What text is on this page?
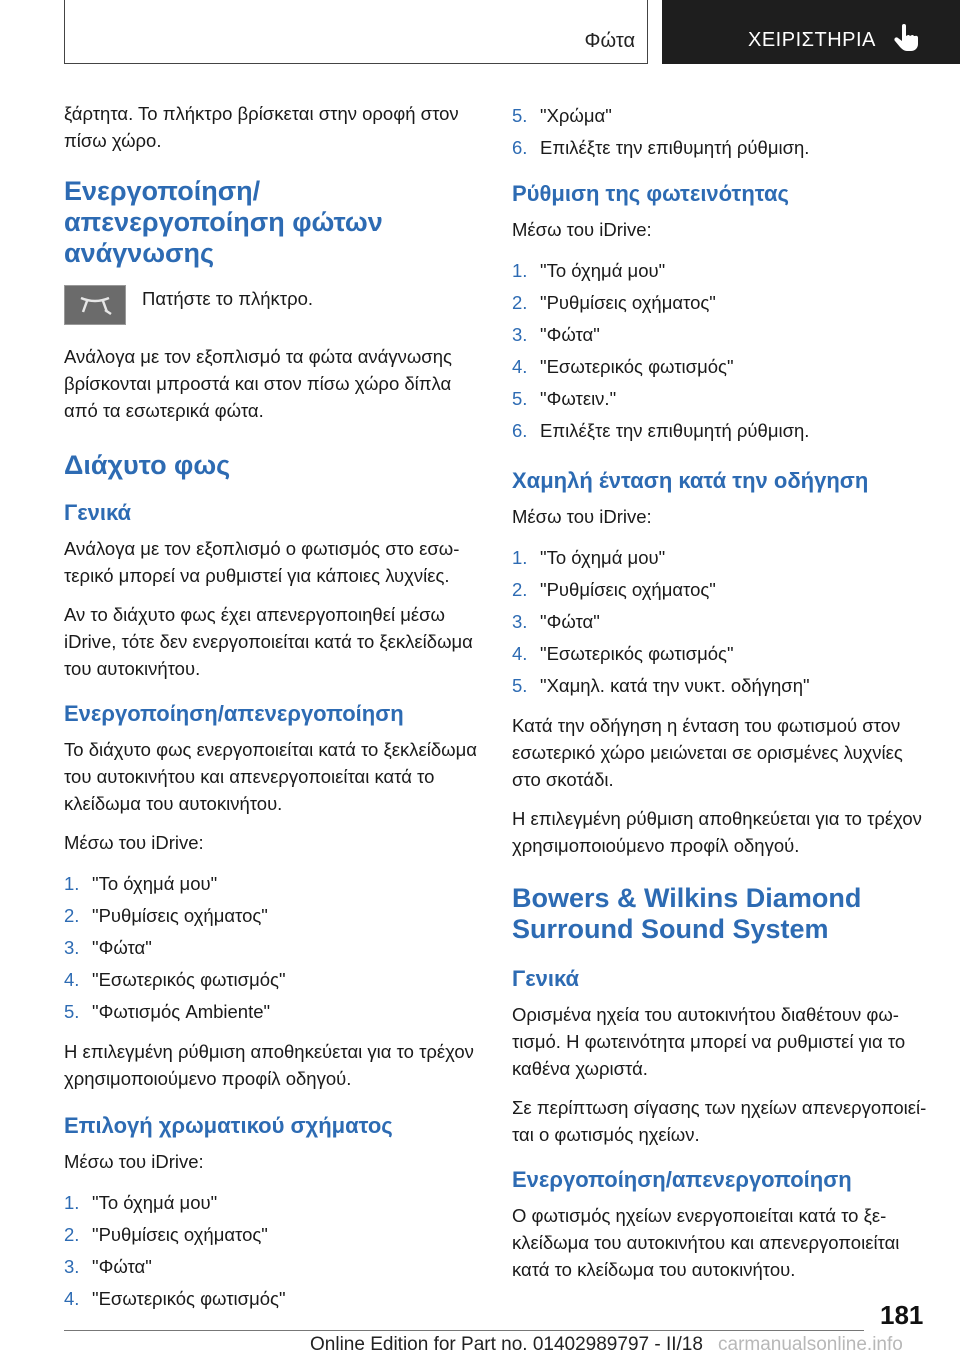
Φώτα	ΧΕΙΡΙΣΤΗΡΙΑ

ξάρτητα. Το πλήκτρο βρίσκεται στην οροφή στον πίσω χώρο.

Ενεργοποίηση/απενεργοποίηση φώτων ανάγνωσης

Πατήστε το πλήκτρο.

Ανάλογα με τον εξοπλισμό τα φώτα ανάγνωσης βρίσκονται μπροστά και στον πίσω χώρο δίπλα από τα εσωτερικά φώτα.

Διάχυτο φως
Γενικά

Ανάλογα με τον εξοπλισμό ο φωτισμός στο εσωτερικό μπορεί να ρυθμιστεί για κάποιες λυχνίες.

Αν το διάχυτο φως έχει απενεργοποιηθεί μέσω iDrive, τότε δεν ενεργοποιείται κατά το ξεκλείδωμα του αυτοκινήτου.

Ενεργοποίηση/απενεργοποίηση

Το διάχυτο φως ενεργοποιείται κατά το ξεκλείδωμα του αυτοκινήτου και απενεργοποιείται κατά το κλείδωμα του αυτοκινήτου.

Μέσω του iDrive:

1. "Το όχημά μου"
2. "Ρυθμίσεις οχήματος"
3. "Φώτα"
4. "Εσωτερικός φωτισμός"
5. "Φωτισμός Ambiente"

Η επιλεγμένη ρύθμιση αποθηκεύεται για το τρέχον χρησιμοποιούμενο προφίλ οδηγού.

Επιλογή χρωματικού σχήματος

Μέσω του iDrive:

1. "Το όχημά μου"
2. "Ρυθμίσεις οχήματος"
3. "Φώτα"
4. "Εσωτερικός φωτισμός"
5. "Χρώμα"
6. Επιλέξτε την επιθυμητή ρύθμιση.
Ρύθμιση της φωτεινότητας

Μέσω του iDrive:

1. "Το όχημά μου"
2. "Ρυθμίσεις οχήματος"
3. "Φώτα"
4. "Εσωτερικός φωτισμός"
5. "Φωτειν."
6. Επιλέξτε την επιθυμητή ρύθμιση.
Χαμηλή ένταση κατά την οδήγηση

Μέσω του iDrive:

1. "Το όχημά μου"
2. "Ρυθμίσεις οχήματος"
3. "Φώτα"
4. "Εσωτερικός φωτισμός"
5. "Χαμηλ. κατά την νυκτ. οδήγηση"

Κατά την οδήγηση η ένταση του φωτισμού στον εσωτερικό χώρο μειώνεται σε ορισμένες λυχνίες στο σκοτάδι.

Η επιλεγμένη ρύθμιση αποθηκεύεται για το τρέχον χρησιμοποιούμενο προφίλ οδηγού.

Bowers & Wilkins Diamond Surround Sound System
Γενικά

Ορισμένα ηχεία του αυτοκινήτου διαθέτουν φωτισμό. Η φωτεινότητα μπορεί να ρυθμιστεί για το καθένα χωριστά.

Σε περίπτωση σίγασης των ηχείων απενεργοποιείται ο φωτισμός ηχείων.

Ενεργοποίηση/απενεργοποίηση

Ο φωτισμός ηχείων ενεργοποιείται κατά το ξεκλείδωμα του αυτοκινήτου και απενεργοποιείται κατά το κλείδωμα του αυτοκινήτου.

181
Online Edition for Part no. 01402989797 - II/18 carmanualsonline.info
